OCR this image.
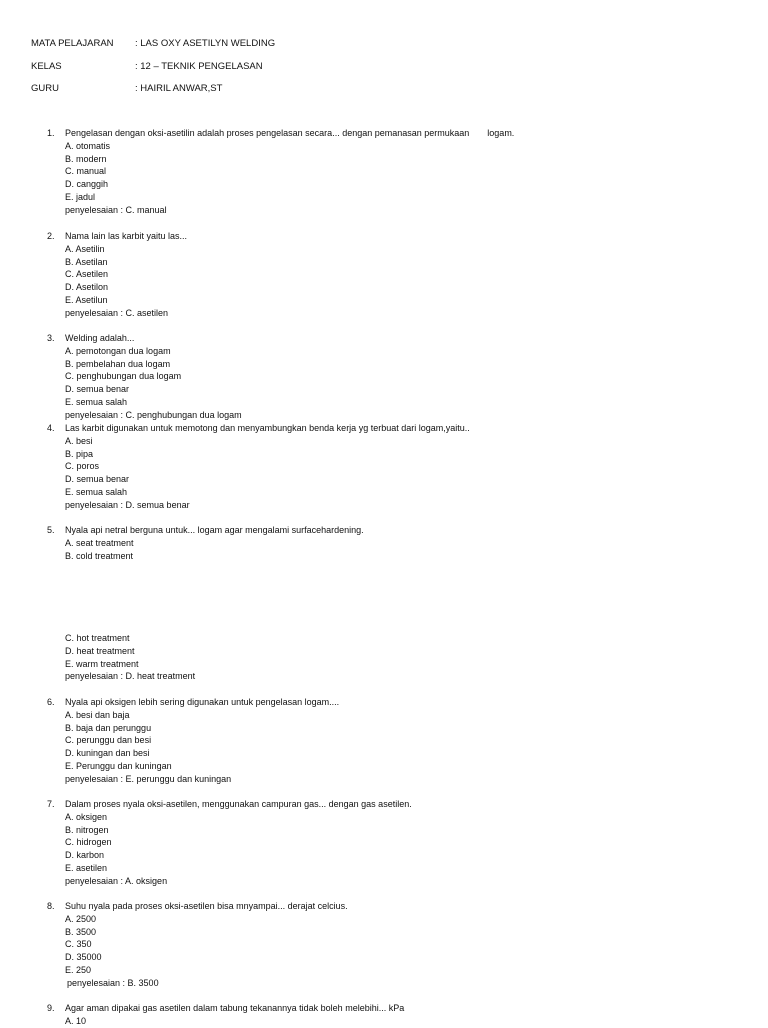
MATA PELAJARAN	: LAS OXY ASETILYN WELDING
KELAS	: 12 – TEKNIK PENGELASAN
GURU	: HAIRIL ANWAR,ST
1.	Pengelasan dengan oksi-asetilin adalah proses pengelasan secara... dengan pemanasan permukaan logam.
A. otomatis
B. modern
C. manual
D. canggih
E. jadul
penyelesaian : C. manual
2.	Nama lain las karbit yaitu las...
A. Asetilin
B. Asetilan
C. Asetilen
D. Asetilon
E. Asetilun
penyelesaian : C. asetilen
3.	Welding adalah...
A. pemotongan dua logam
B. pembelahan dua logam
C. penghubungan dua logam
D. semua benar
E. semua salah
penyelesaian : C. penghubungan dua logam
4.	Las karbit digunakan untuk memotong dan menyambungkan benda kerja yg terbuat dari logam,yaitu..
A. besi
B. pipa
C. poros
D. semua benar
E. semua salah
penyelesaian : D. semua benar
5.	Nyala api netral berguna untuk... logam agar mengalami surfacehardening.
A. seat treatment
B. cold treatment
C. hot treatment
D. heat treatment
E. warm treatment
penyelesaian : D. heat treatment
6.	Nyala api oksigen lebih sering digunakan untuk pengelasan logam....
A. besi dan baja
B. baja dan perunggu
C. perunggu dan besi
D. kuningan dan besi
E. Perunggu dan kuningan
penyelesaian : E. perunggu dan kuningan
7.	Dalam proses nyala oksi-asetilen, menggunakan campuran gas... dengan gas asetilen.
A. oksigen
B. nitrogen
C. hidrogen
D. karbon
E. asetilen
penyelesaian : A. oksigen
8.	Suhu nyala pada proses oksi-asetilen bisa mnyampai... derajat celcius.
A. 2500
B. 3500
C. 350
D. 35000
E. 250
penyelesaian : B. 3500
9.	Agar aman dipakai gas asetilen dalam tabung tekanannya tidak boleh melebihi... kPa
A. 10
